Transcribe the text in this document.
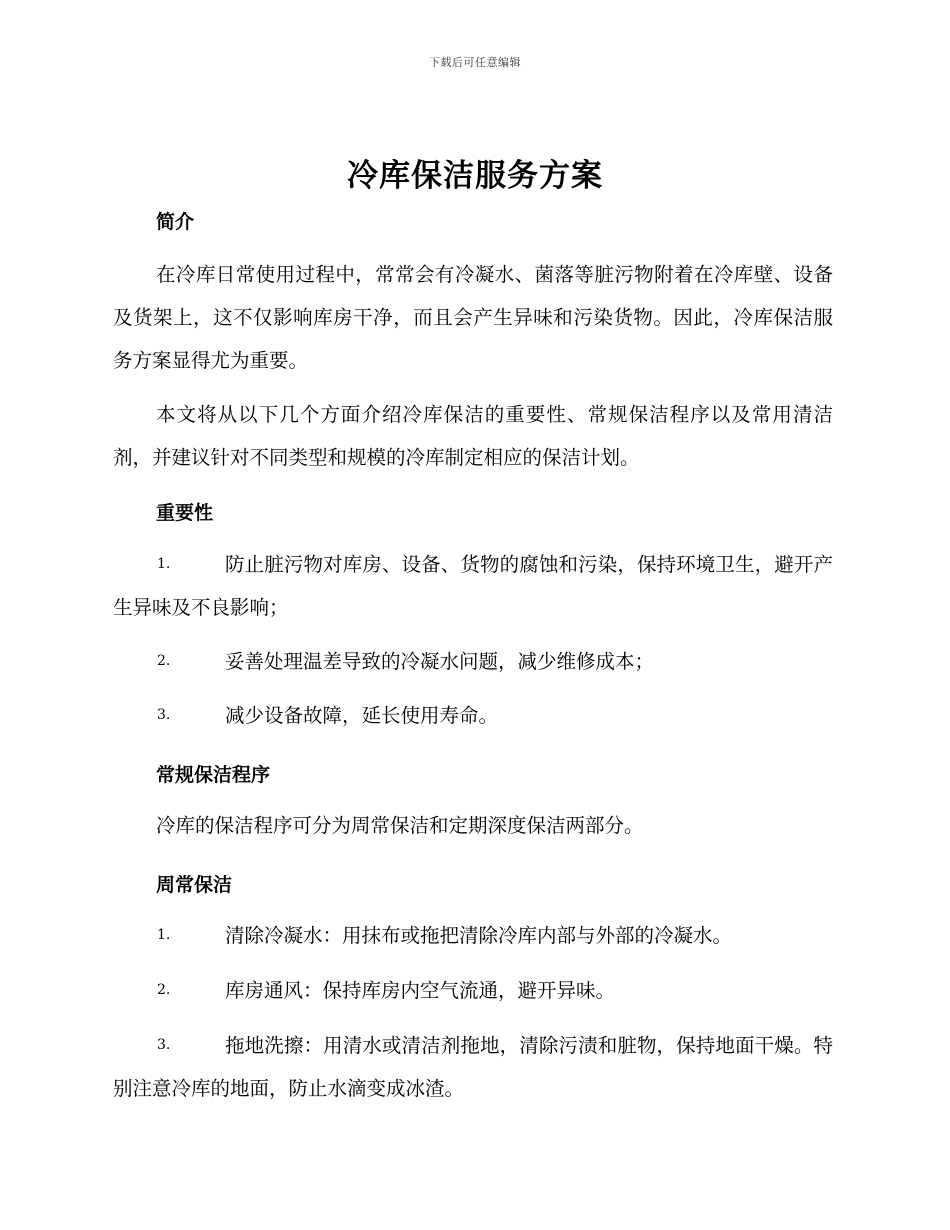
下载后可任意编辑
冷库保洁服务方案
简介
在冷库日常使用过程中，常常会有冷凝水、菌落等脏污物附着在冷库壁、设备及货架上，这不仅影响库房干净，而且会产生异味和污染货物。因此，冷库保洁服务方案显得尤为重要。
本文将从以下几个方面介绍冷库保洁的重要性、常规保洁程序以及常用清洁剂，并建议针对不同类型和规模的冷库制定相应的保洁计划。
重要性
1.	防止脏污物对库房、设备、货物的腐蚀和污染，保持环境卫生，避开产生异味及不良影响；
2.	妥善处理温差导致的冷凝水问题，减少维修成本；
3.	减少设备故障，延长使用寿命。
常规保洁程序
冷库的保洁程序可分为周常保洁和定期深度保洁两部分。
周常保洁
1.	清除冷凝水：用抹布或拖把清除冷库内部与外部的冷凝水。
2.	库房通风：保持库房内空气流通，避开异味。
3.	拖地洗擦：用清水或清洁剂拖地，清除污渍和脏物，保持地面干燥。特别注意冷库的地面，防止水滴变成冰渣。
